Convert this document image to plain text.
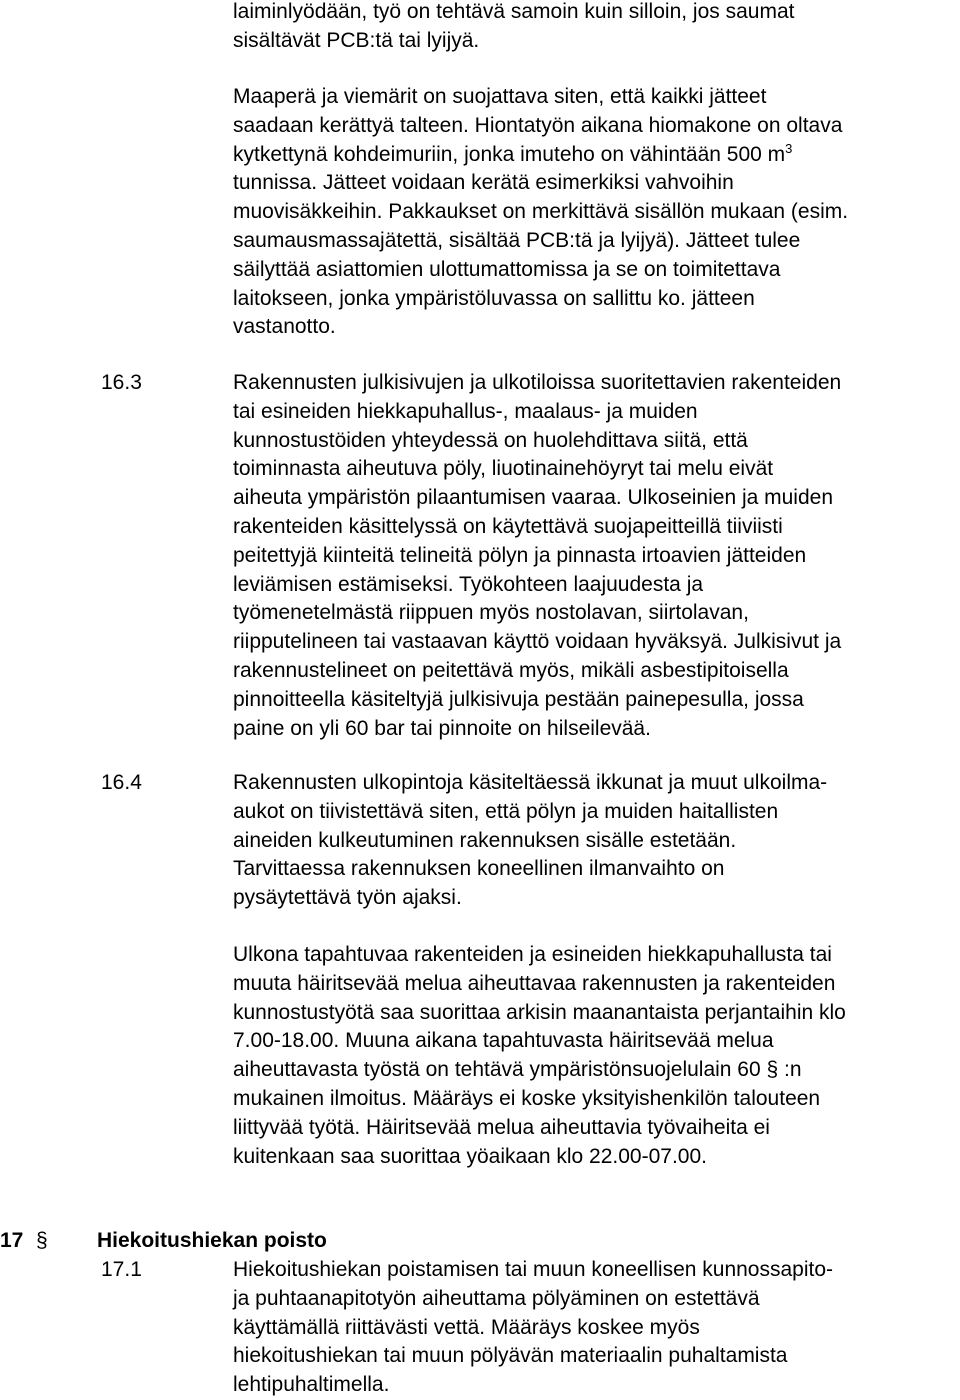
laiminlyödään, työ on tehtävä samoin kuin silloin, jos saumat
sisältävät PCB:tä tai lyijyä.
Maaperä ja viemärit on suojattava siten, että kaikki jätteet
saadaan kerättyä talteen. Hiontatyön aikana hiomakone on oltava
kytkettynä kohdeimuriin, jonka imuteho on vähintään 500 $m^3$
tunnissa. Jätteet voidaan kerätä esimerkiksi vahvoihin
muovisäkkeihin. Pakkaukset on merkittävä sisällön mukaan (esim.
saumausmassajätettä, sisältää PCB:tä ja lyijyä). Jätteet tulee
säilyttää asiattomien ulottumattomissa ja se on toimitettava
laitokseen, jonka ympäristöluvassa on sallittu ko. jätteen
vastanotto.
16.3	Rakennusten julkisivujen ja ulkotiloissa suoritettavien rakenteiden
tai esineiden hiekkapuhallus-, maalaus- ja muiden
kunnostustöiden yhteydessä on huolehdittava siitä, että
toiminnasta aiheutuva pöly, liuotinainehöyryt tai melu eivät
aiheuta ympäristön pilaantumisen vaaraa. Ulkoseinien ja muiden
rakenteiden käsittelyssä on käytettävä suojapeitteillä tiiviisti
peitettyjä kiinteitä telineitä pölyn ja pinnasta irtoavien jätteiden
leviämisen estämiseksi. Työkohteen laajuudesta ja
työmenetelmästä riippuen myös nostolavan, siirtolavan,
riipputelineen tai vastaavan käyttö voidaan hyväksyä. Julkisivut ja
rakennustelineet on peitettävä myös, mikäli asbestipitoisella
pinnoitteella käsiteltyjä julkisivuja pestään painepesulla, jossa
paine on yli 60 bar tai pinnoite on hilseilevää.
16.4	Rakennusten ulkopintoja käsiteltäessä ikkunat ja muut ulkoilma-
aukot on tiivistettävä siten, että pölyn ja muiden haitallisten
aineiden kulkeutuminen rakennuksen sisälle estetään.
Tarvittaessa rakennuksen koneellinen ilmanvaihto on
pysäytettävä työn ajaksi.
Ulkona tapahtuvaa rakenteiden ja esineiden hiekkapuhallusta tai
muuta häiritsevää melua aiheuttavaa rakennusten ja rakenteiden
kunnostustyötä saa suorittaa arkisin maanantaista perjantaihin klo
7.00-18.00. Muuna aikana tapahtuvasta häiritsevää melua
aiheuttavasta työstä on tehtävä ympäristönsuojelulain 60 § :n
mukainen ilmoitus. Määräys ei koske yksityishenkilön talouteen
liittyvää työtä. Häiritsevää melua aiheuttavia työvaiheita ei
kuitenkaan saa suorittaa yöaikaan klo 22.00-07.00.
17 § Hiekoitushiekan poisto
17.1	Hiekoitushiekan poistamisen tai muun koneellisen kunnossapito-
ja puhtaanapitotyön aiheuttama pölyäminen on estettävä
käyttämällä riittävästi vettä. Määräys koskee myös
hiekoitushiekan tai muun pölyävän materiaalin puhaltamista
lehtipuhaltimella.
